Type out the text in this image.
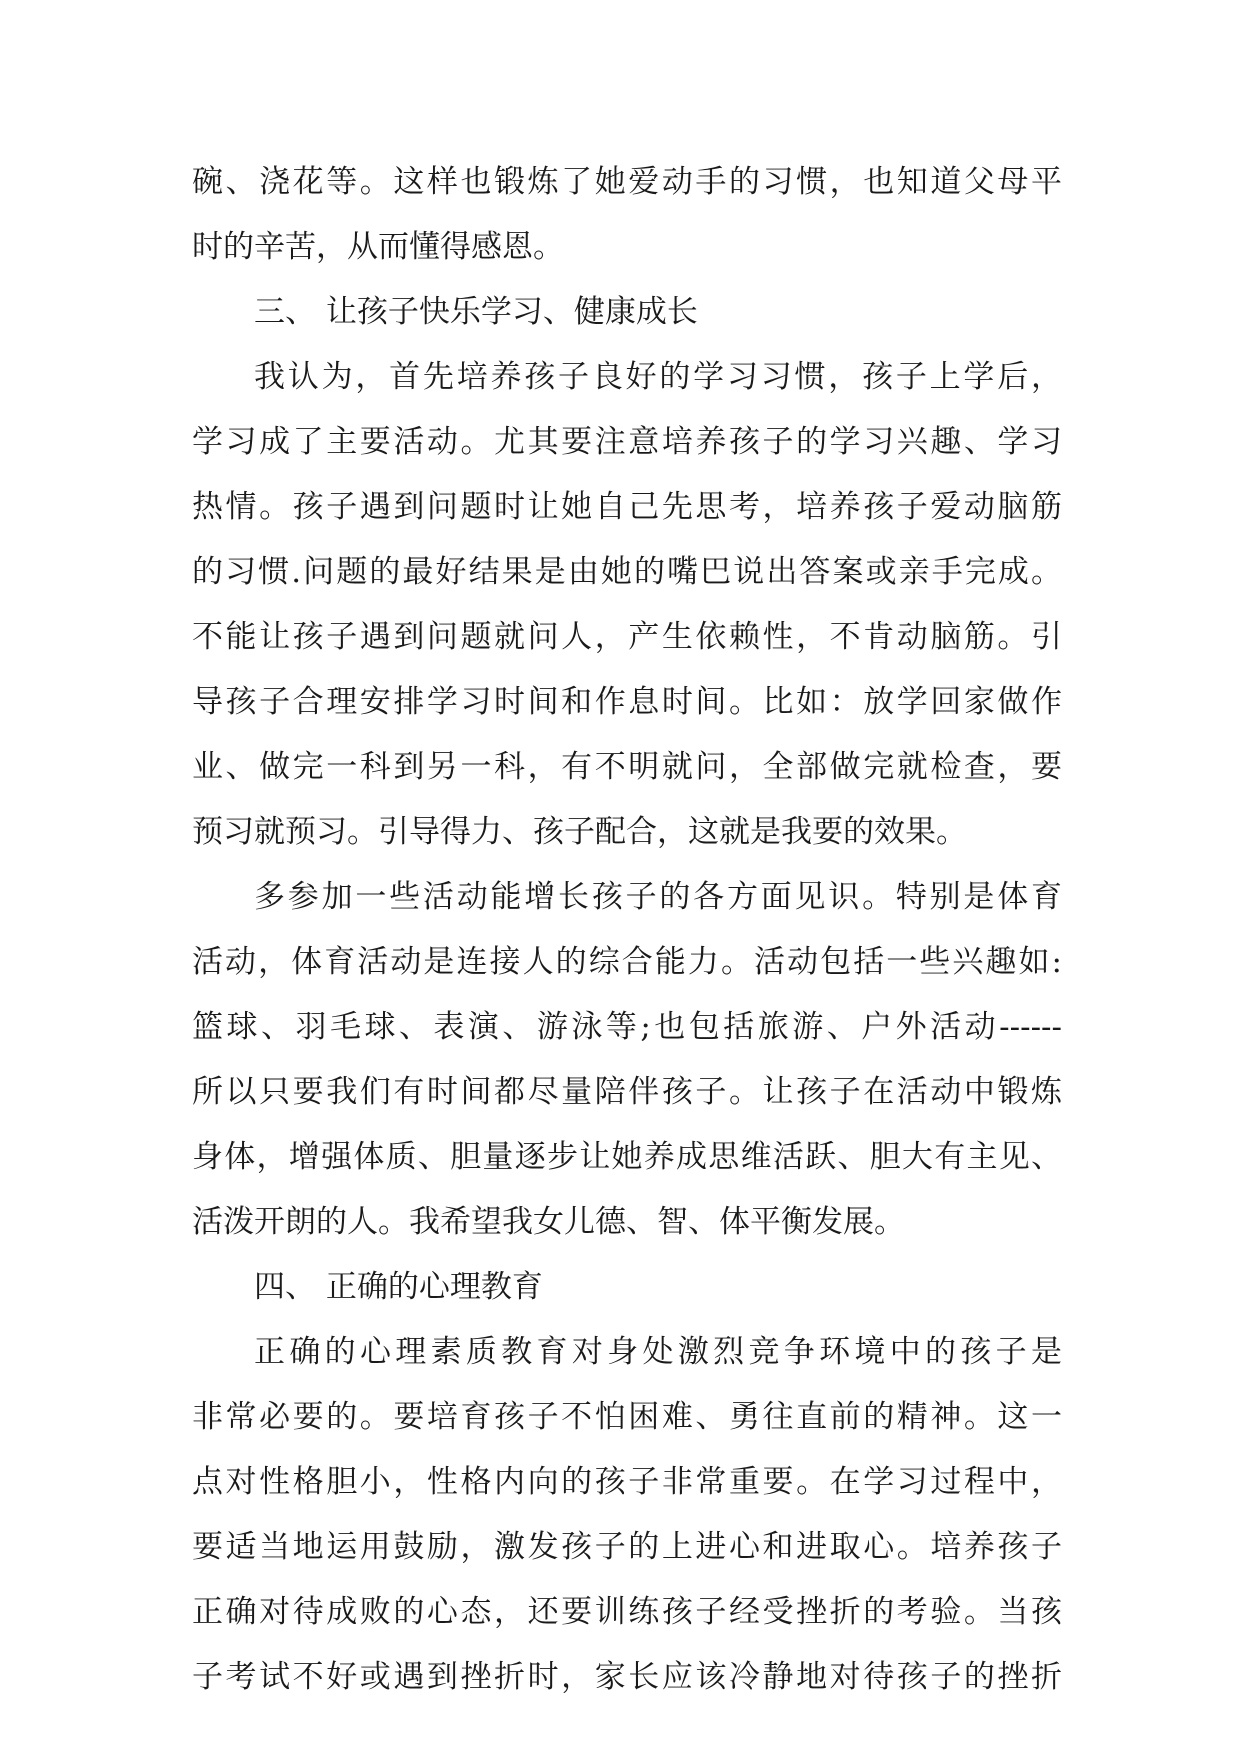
碗、浇花等。这样也锻炼了她爱动手的习惯，也知道父母平
时的辛苦，从而懂得感恩。
三、 让孩子快乐学习、健康成长
我认为，首先培养孩子良好的学习习惯，孩子上学后，
学习成了主要活动。尤其要注意培养孩子的学习兴趣、学习
热情。孩子遇到问题时让她自己先思考，培养孩子爱动脑筋
的习惯.问题的最好结果是由她的嘴巴说出答案或亲手完成。
不能让孩子遇到问题就问人，产生依赖性，不肯动脑筋。引
导孩子合理安排学习时间和作息时间。比如：放学回家做作
业、做完一科到另一科，有不明就问，全部做完就检查，要
预习就预习。引导得力、孩子配合，这就是我要的效果。
多参加一些活动能增长孩子的各方面见识。特别是体育
活动，体育活动是连接人的综合能力。活动包括一些兴趣如:
篮球、羽毛球、表演、游泳等;也包括旅游、户外活动------
所以只要我们有时间都尽量陪伴孩子。让孩子在活动中锻炼
身体，增强体质、胆量逐步让她养成思维活跃、胆大有主见、
活泼开朗的人。我希望我女儿德、智、体平衡发展。
四、 正确的心理教育
正确的心理素质教育对身处激烈竞争环境中的孩子是
非常必要的。要培育孩子不怕困难、勇往直前的精神。这一
点对性格胆小，性格内向的孩子非常重要。在学习过程中，
要适当地运用鼓励，激发孩子的上进心和进取心。培养孩子
正确对待成败的心态，还要训练孩子经受挫折的考验。当孩
子考试不好或遇到挫折时，家长应该冷静地对待孩子的挫折
